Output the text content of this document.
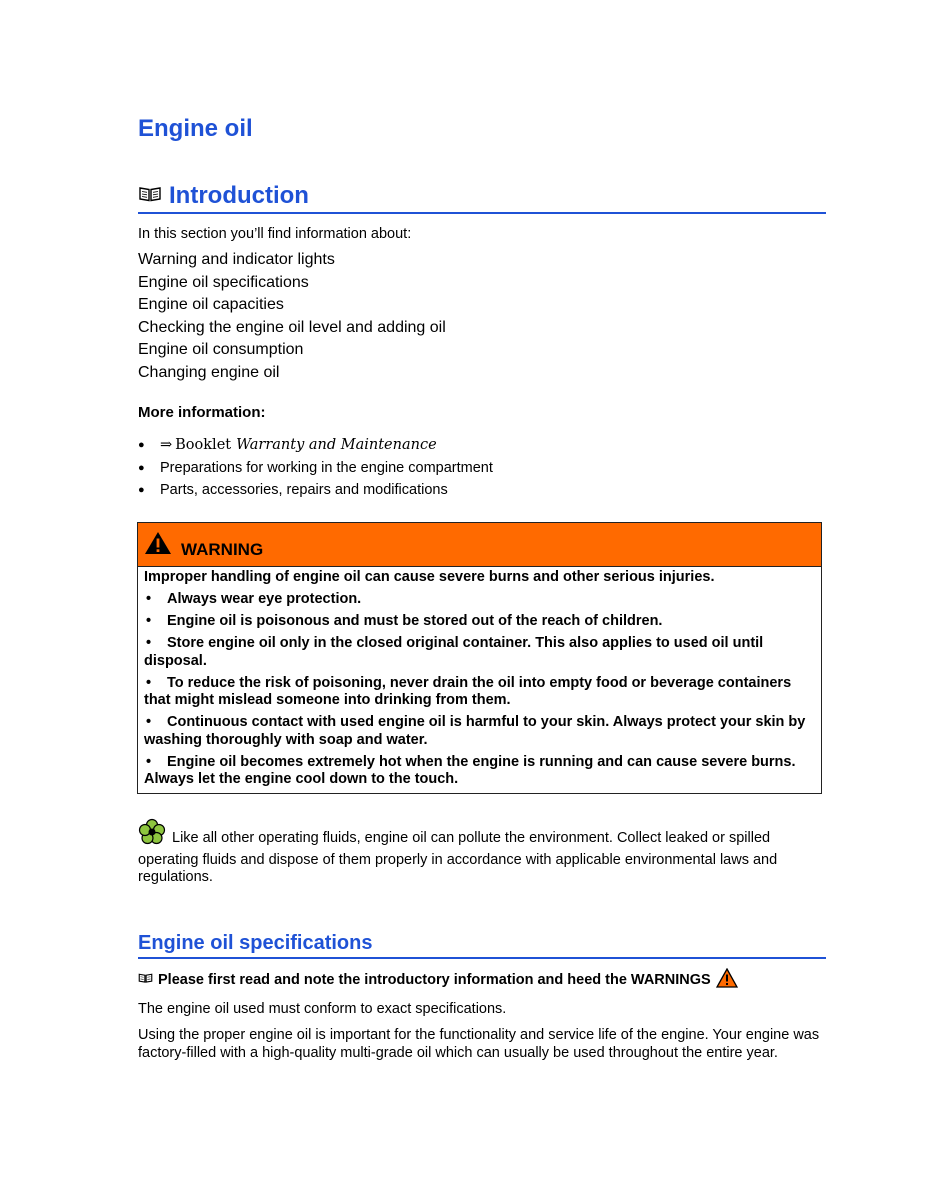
Engine oil
Introduction
In this section you’ll find information about:
Warning and indicator lights
Engine oil specifications
Engine oil capacities
Checking the engine oil level and adding oil
Engine oil consumption
Changing engine oil
More information:
●	⇒ Booklet Warranty and Maintenance
●	Preparations for working in the engine compartment
●	Parts, accessories, repairs and modifications
WARNING

Improper handling of engine oil can cause severe burns and other serious injuries.

• Always wear eye protection.

• Engine oil is poisonous and must be stored out of the reach of children.

• Store engine oil only in the closed original container. This also applies to used oil until disposal.

• To reduce the risk of poisoning, never drain the oil into empty food or beverage containers that might mislead someone into drinking from them.

• Continuous contact with used engine oil is harmful to your skin. Always protect your skin by washing thoroughly with soap and water.

• Engine oil becomes extremely hot when the engine is running and can cause severe burns. Always let the engine cool down to the touch.

Like all other operating fluids, engine oil can pollute the environment. Collect leaked or spilled operating fluids and dispose of them properly in accordance with applicable environmental laws and regulations.
Engine oil specifications
Please first read and note the introductory information and heed the WARNINGS
The engine oil used must conform to exact specifications.
Using the proper engine oil is important for the functionality and service life of the engine. Your engine was factory-filled with a high-quality multi-grade oil which can usually be used throughout the entire year.
